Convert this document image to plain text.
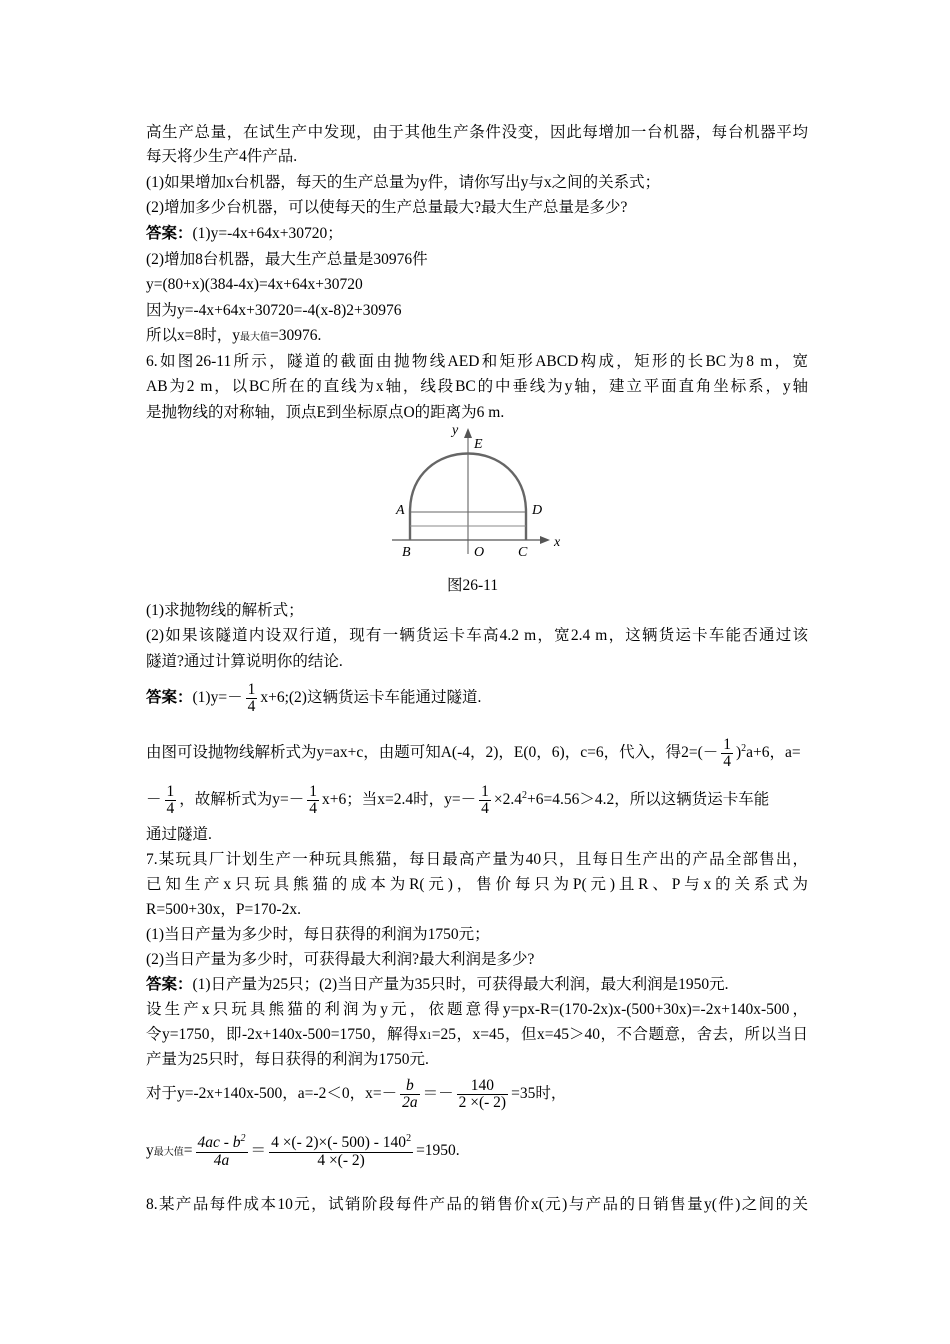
高生产总量，在试生产中发现，由于其他生产条件没变，因此每增加一台机器，每台机器平均
每天将少生产4件产品.
(1)如果增加x台机器，每天的生产总量为y件，请你写出y与x之间的关系式；
(2)增加多少台机器，可以使每天的生产总量最大?最大生产总量是多少?
答案：(1)y=-4x+64x+30720；
(2)增加8台机器，最大生产总量是30976件
y=(80+x)(384-4x)=4x+64x+30720
因为y=-4x+64x+30720=-4(x-8)2+30976
所以x=8时，y最大值=30976.
6.如图26-11所示，隧道的截面由抛物线AED和矩形ABCD构成，矩形的长BC为8 m，宽
AB为2 m，以BC所在的直线为x轴，线段BC的中垂线为y轴，建立平面直角坐标系，y轴
是抛物线的对称轴，顶点E到坐标原点O的距离为6 m.
y
E
A	D
B	O C
x
图26-11
(1)求抛物线的解析式；
(2)如果该隧道内设双行道，现有一辆货运卡车高4.2 m，宽2.4 m，这辆货运卡车能否通过该
隧道?通过计算说明你的结论.
答案：$(1)y=- \frac{1}{4}$ x+6;(2)这辆货运卡车能通过隧道.
由图可设抛物线解析式为y=ax+c，由题可知A(-4，2)，E(0，6)，c=6，代入，得$2=(- \frac{1}{4} )^2a+6$，a=
－ $\frac{1}{4}$ ，故解析式为$y=- \frac{1}{4} x+6$；当x=2.4时，$y=- \frac{1}{4} \times 2.4^2+6=4.56>4.2$，所以这辆货运卡车能
通过隧道.
7.某玩具厂计划生产一种玩具熊猫，每日最高产量为40只，且每日生产出的产品全部售出，
已知生产x只玩具熊猫的成本为R(元)，售价每只为P(元)且R、P与x的关系式为
R=500+30x，P=170-2x.
(1)当日产量为多少时，每日获得的利润为1750元；
(2)当日产量为多少时，可获得最大利润?最大利润是多少?
答案：(1)日产量为25只；(2)当日产量为35只时，可获得最大利润，最大利润是1950元.
设生产x只玩具熊猫的利润为y元，依题意得y=px-R=(170-2x)x-(500+30x)=-2x+140x-500，
令y=1750，即-2x+140x-500=1750，解得x1=25，x=45，但x=45＞40，不合题意，舍去，所以当日
产量为25只时，每日获得的利润为1750元.
对于y=-2x+140x-500，a=-2＜0，$x=- \frac{b}{2a} =- \frac{140}{2 \times(- 2)} =35$时，
y最大值= $\frac{4ac - b^2}{4a} = \frac{4 \times(- 2)\times(- 500) - 140^2}{4 \times(- 2)} =1950$.
8.某产品每件成本10元，试销阶段每件产品的销售价x(元)与产品的日销售量y(件)之间的关
